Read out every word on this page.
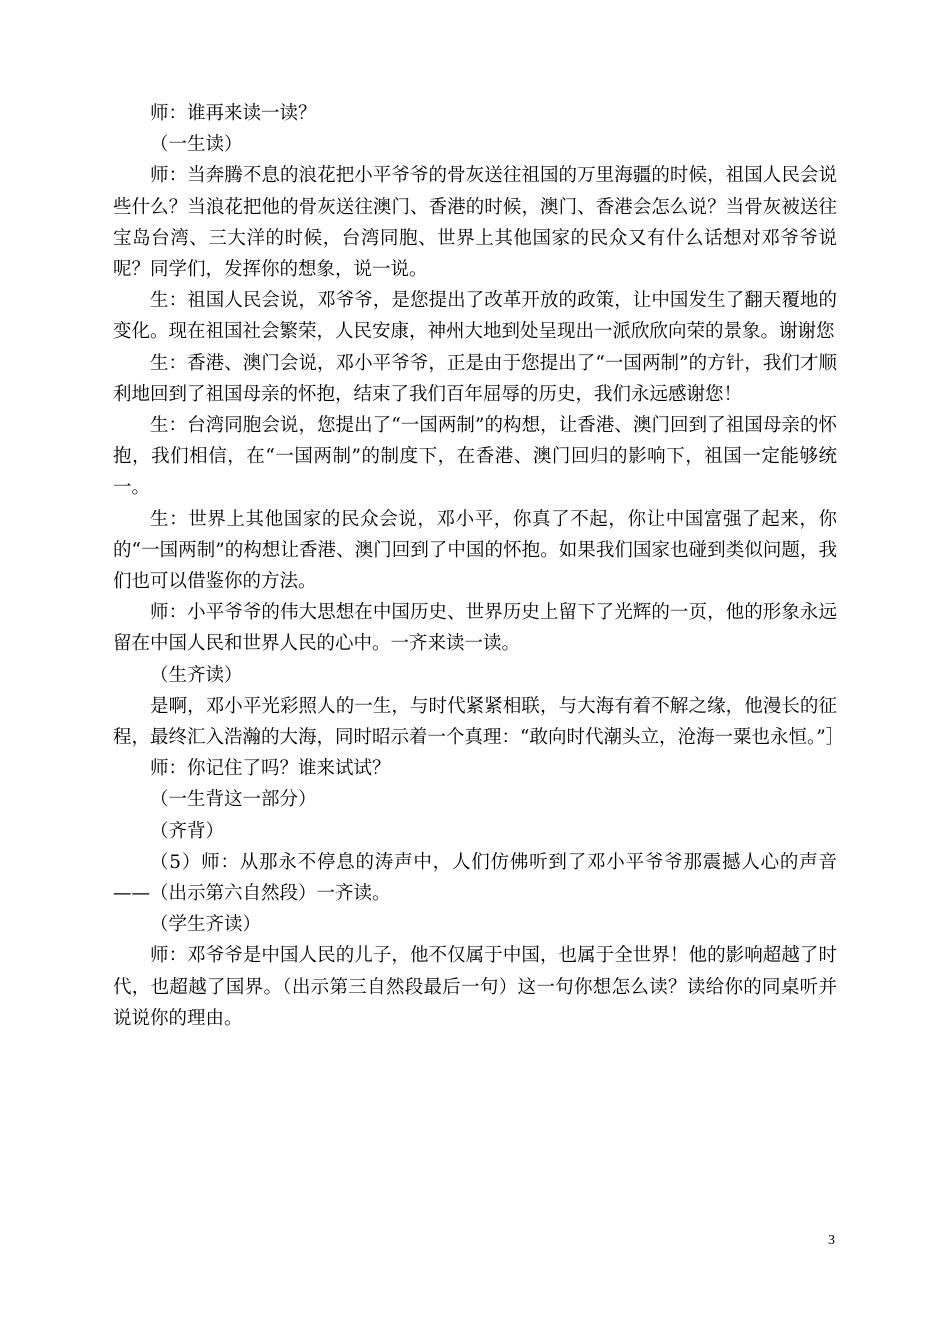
师：谁再来读一读？

（一生读）

师：当奔腾不息的浪花把小平爷爷的骨灰送往祖国的万里海疆的时候，祖国人民会说些什么？当浪花把他的骨灰送往澳门、香港的时候，澳门、香港会怎么说？当骨灰被送往宝岛台湾、三大洋的时候，台湾同胞、世界上其他国家的民众又有什么话想对邓爷爷说呢？同学们，发挥你的想象，说一说。

生：祖国人民会说，邓爷爷，是您提出了改革开放的政策，让中国发生了翻天覆地的变化。现在祖国社会繁荣，人民安康，神州大地到处呈现出一派欣欣向荣的景象。谢谢您

生：香港、澳门会说，邓小平爷爷，正是由于您提出了“一国两制”的方针，我们才顺利地回到了祖国母亲的怀抱，结束了我们百年屈辱的历史，我们永远感谢您！

生：台湾同胞会说，您提出了“一国两制”的构想，让香港、澳门回到了祖国母亲的怀抱，我们相信，在“一国两制”的制度下，在香港、澳门回归的影响下，祖国一定能够统一。

生：世界上其他国家的民众会说，邓小平，你真了不起，你让中国富强了起来，你的“一国两制”的构想让香港、澳门回到了中国的怀抱。如果我们国家也碰到类似问题，我们也可以借鉴你的方法。

师：小平爷爷的伟大思想在中国历史、世界历史上留下了光辉的一页，他的形象永远留在中国人民和世界人民的心中。一齐来读一读。

（生齐读）

是啊，邓小平光彩照人的一生，与时代紧紧相联，与大海有着不解之缘，他漫长的征程，最终汇入浩瀚的大海，同时昭示着一个真理：“敢向时代潮头立，沧海一粟也永恒。”］

师：你记住了吗？谁来试试？

（一生背这一部分）

（齐背）

（5）师：从那永不停息的涛声中，人们仿佛听到了邓小平爷爷那震撼人心的声音——（出示第六自然段）一齐读。

（学生齐读）

师：邓爷爷是中国人民的儿子，他不仅属于中国，也属于全世界！他的影响超越了时代，也超越了国界。（出示第三自然段最后一句）这一句你想怎么读？读给你的同桌听并说说你的理由。

3
